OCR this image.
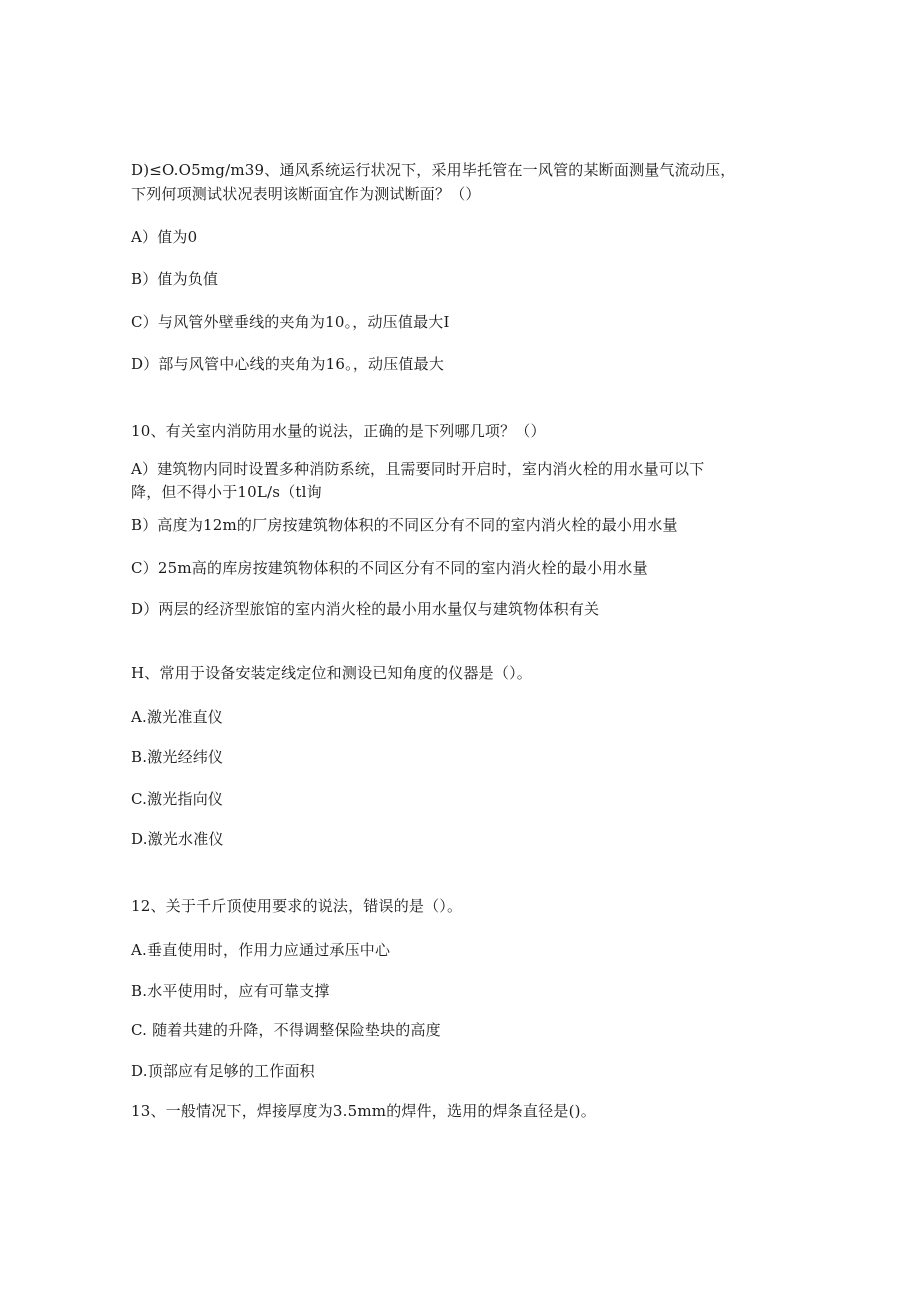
D)≤O.O5mg∕m39、通风系统运行状况下，采用毕托管在一风管的某断面测量气流动压，
下列何项测试状况表明该断面宜作为测试断面？（）
A）值为0
B）值为负值
C）与风管外壁垂线的夹角为10。，动压值最大I
D）部与风管中心线的夹角为16。，动压值最大
10、有关室内消防用水量的说法，正确的是下列哪几项？（）
A）建筑物内同时设置多种消防系统，且需要同时开启时，室内消火栓的用水量可以下
降，但不得小于10L∕s（tl询
B）高度为12m的厂房按建筑物体积的不同区分有不同的室内消火栓的最小用水量
C）25m高的库房按建筑物体积的不同区分有不同的室内消火栓的最小用水量
D）两层的经济型旅馆的室内消火栓的最小用水量仅与建筑物体积有关
H、常用于设备安装定线定位和测设已知角度的仪器是（）。
A.激光准直仪
B.激光经纬仪
C.激光指向仪
D.激光水准仪
12、关于千斤顶使用要求的说法，错误的是（）。
A.垂直使用时，作用力应通过承压中心
B.水平使用时，应有可靠支撑
C. 随着共建的升降，不得调整保险垫块的高度
D.顶部应有足够的工作面积
13、一般情况下，焊接厚度为3.5mm的焊件，选用的焊条直径是()。
